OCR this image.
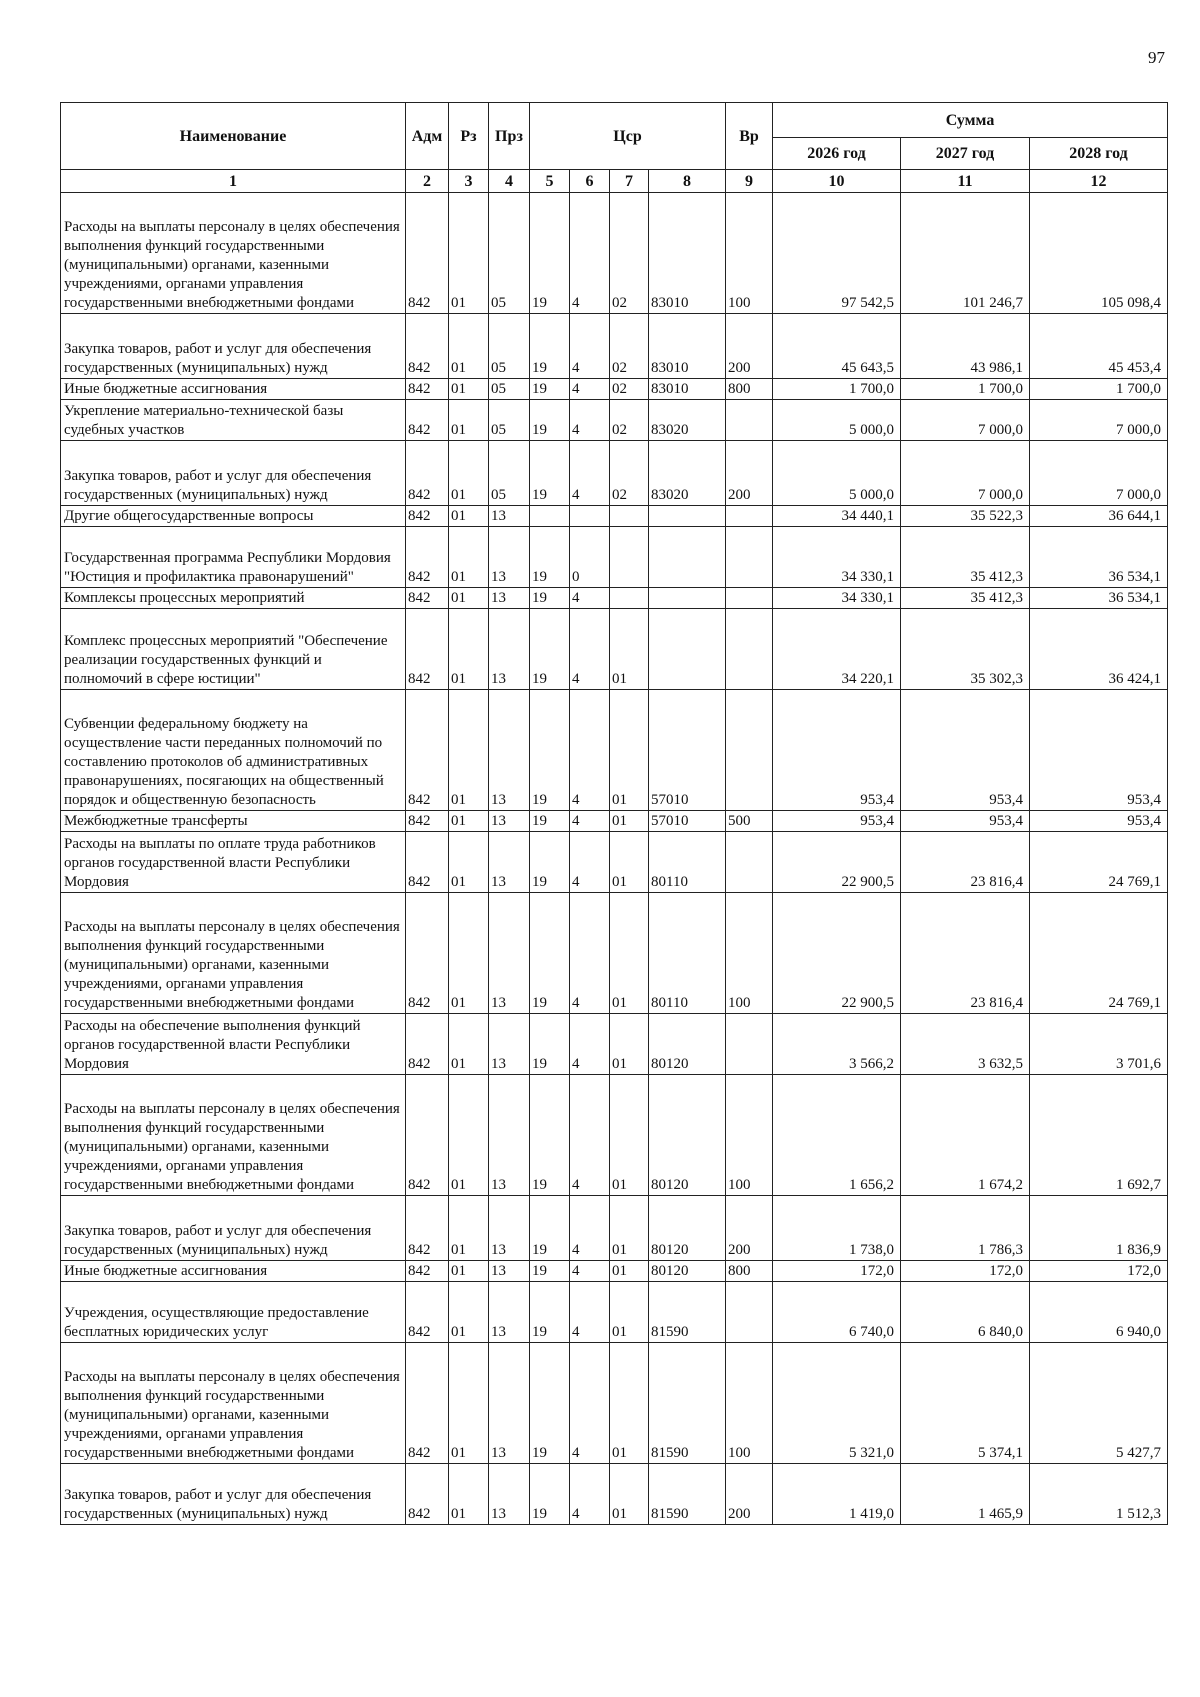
97
Наименование	Адм	Рз	Прз	Цср				Вр	Сумма		
									2026 год	2027 год	2028 год
1	2	3	4	5	6	7	8	9	10	11	12
Расходы на выплаты персоналу в целях обеспечения выполнения функций государственными (муниципальными) органами, казенными учреждениями, органами управления государственными внебюджетными фондами	842	01	05	19	4	02	83010	100	97 542,5	101 246,7	105 098,4
Закупка товаров, работ и услуг для обеспечения государственных (муниципальных) нужд	842	01	05	19	4	02	83010	200	45 643,5	43 986,1	45 453,4
Иные бюджетные ассигнования	842	01	05	19	4	02	83010	800	1 700,0	1 700,0	1 700,0
Укрепление материально-технической базы судебных участков	842	01	05	19	4	02	83020		5 000,0	7 000,0	7 000,0
Закупка товаров, работ и услуг для обеспечения государственных (муниципальных) нужд	842	01	05	19	4	02	83020	200	5 000,0	7 000,0	7 000,0
Другие общегосударственные вопросы	842	01	13						34 440,1	35 522,3	36 644,1
Государственная программа Республики Мордовия "Юстиция и профилактика правонарушений"	842	01	13	19	0				34 330,1	35 412,3	36 534,1
Комплексы процессных мероприятий	842	01	13	19	4				34 330,1	35 412,3	36 534,1
Комплекс процессных мероприятий "Обеспечение реализации государственных функций и полномочий в сфере юстиции"	842	01	13	19	4	01			34 220,1	35 302,3	36 424,1
Субвенции федеральному бюджету на осуществление части переданных полномочий по составлению протоколов об административных правонарушениях, посягающих на общественный порядок и общественную безопасность	842	01	13	19	4	01	57010		953,4	953,4	953,4
Межбюджетные трансферты	842	01	13	19	4	01	57010	500	953,4	953,4	953,4
Расходы на выплаты по оплате труда работников органов государственной власти Республики Мордовия	842	01	13	19	4	01	80110		22 900,5	23 816,4	24 769,1
Расходы на выплаты персоналу в целях обеспечения выполнения функций государственными (муниципальными) органами, казенными учреждениями, органами управления государственными внебюджетными фондами	842	01	13	19	4	01	80110	100	22 900,5	23 816,4	24 769,1
Расходы на обеспечение выполнения функций органов государственной власти Республики Мордовия	842	01	13	19	4	01	80120		3 566,2	3 632,5	3 701,6
Расходы на выплаты персоналу в целях обеспечения выполнения функций государственными (муниципальными) органами, казенными учреждениями, органами управления государственными внебюджетными фондами	842	01	13	19	4	01	80120	100	1 656,2	1 674,2	1 692,7
Закупка товаров, работ и услуг для обеспечения государственных (муниципальных) нужд	842	01	13	19	4	01	80120	200	1 738,0	1 786,3	1 836,9
Иные бюджетные ассигнования	842	01	13	19	4	01	80120	800	172,0	172,0	172,0
Учреждения, осуществляющие предоставление бесплатных юридических услуг	842	01	13	19	4	01	81590		6 740,0	6 840,0	6 940,0
Расходы на выплаты персоналу в целях обеспечения выполнения функций государственными (муниципальными) органами, казенными учреждениями, органами управления государственными внебюджетными фондами	842	01	13	19	4	01	81590	100	5 321,0	5 374,1	5 427,7
Закупка товаров, работ и услуг для обеспечения государственных (муниципальных) нужд	842	01	13	19	4	01	81590	200	1 419,0	1 465,9	1 512,3
